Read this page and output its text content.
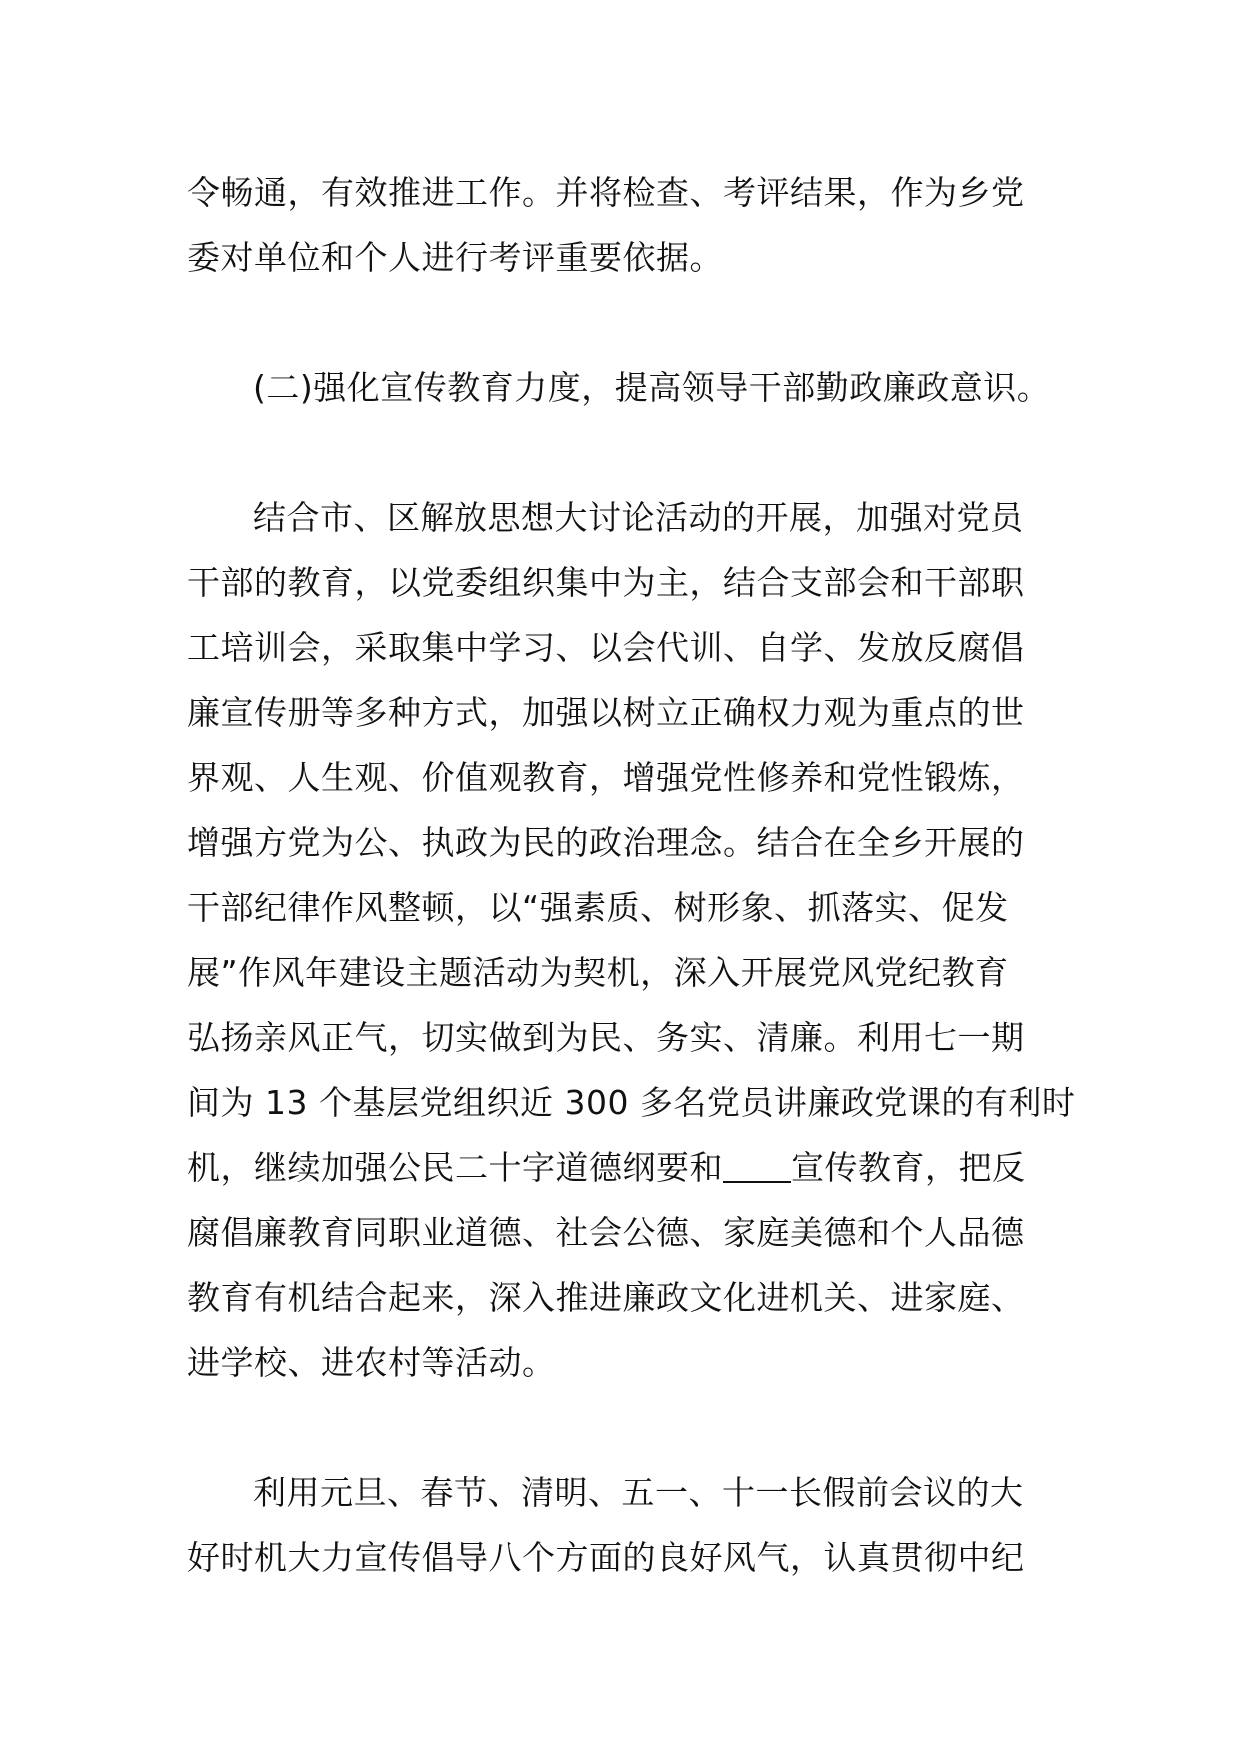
令畅通，有效推进工作。并将检查、考评结果，作为乡党
委对单位和个人进行考评重要依据。
(二)强化宣传教育力度，提高领导干部勤政廉政意识。
结合市、区解放思想大讨论活动的开展，加强对党员
干部的教育，以党委组织集中为主，结合支部会和干部职
工培训会，采取集中学习、以会代训、自学、发放反腐倡
廉宣传册等多种方式，加强以树立正确权力观为重点的世
界观、人生观、价值观教育，增强党性修养和党性锻炼，
增强方党为公、执政为民的政治理念。结合在全乡开展的
干部纪律作风整顿，以“强素质、树形象、抓落实、促发
展”作风年建设主题活动为契机，深入开展党风党纪教育
弘扬亲风正气，切实做到为民、务实、清廉。利用七一期
间为 13 个基层党组织近 300 多名党员讲廉政党课的有利时
机，继续加强公民二十字道德纲要和 宣传教育，把反
腐倡廉教育同职业道德、社会公德、家庭美德和个人品德
教育有机结合起来，深入推进廉政文化进机关、进家庭、
进学校、进农村等活动。
利用元旦、春节、清明、五一、十一长假前会议的大
好时机大力宣传倡导八个方面的良好风气，认真贯彻中纪
